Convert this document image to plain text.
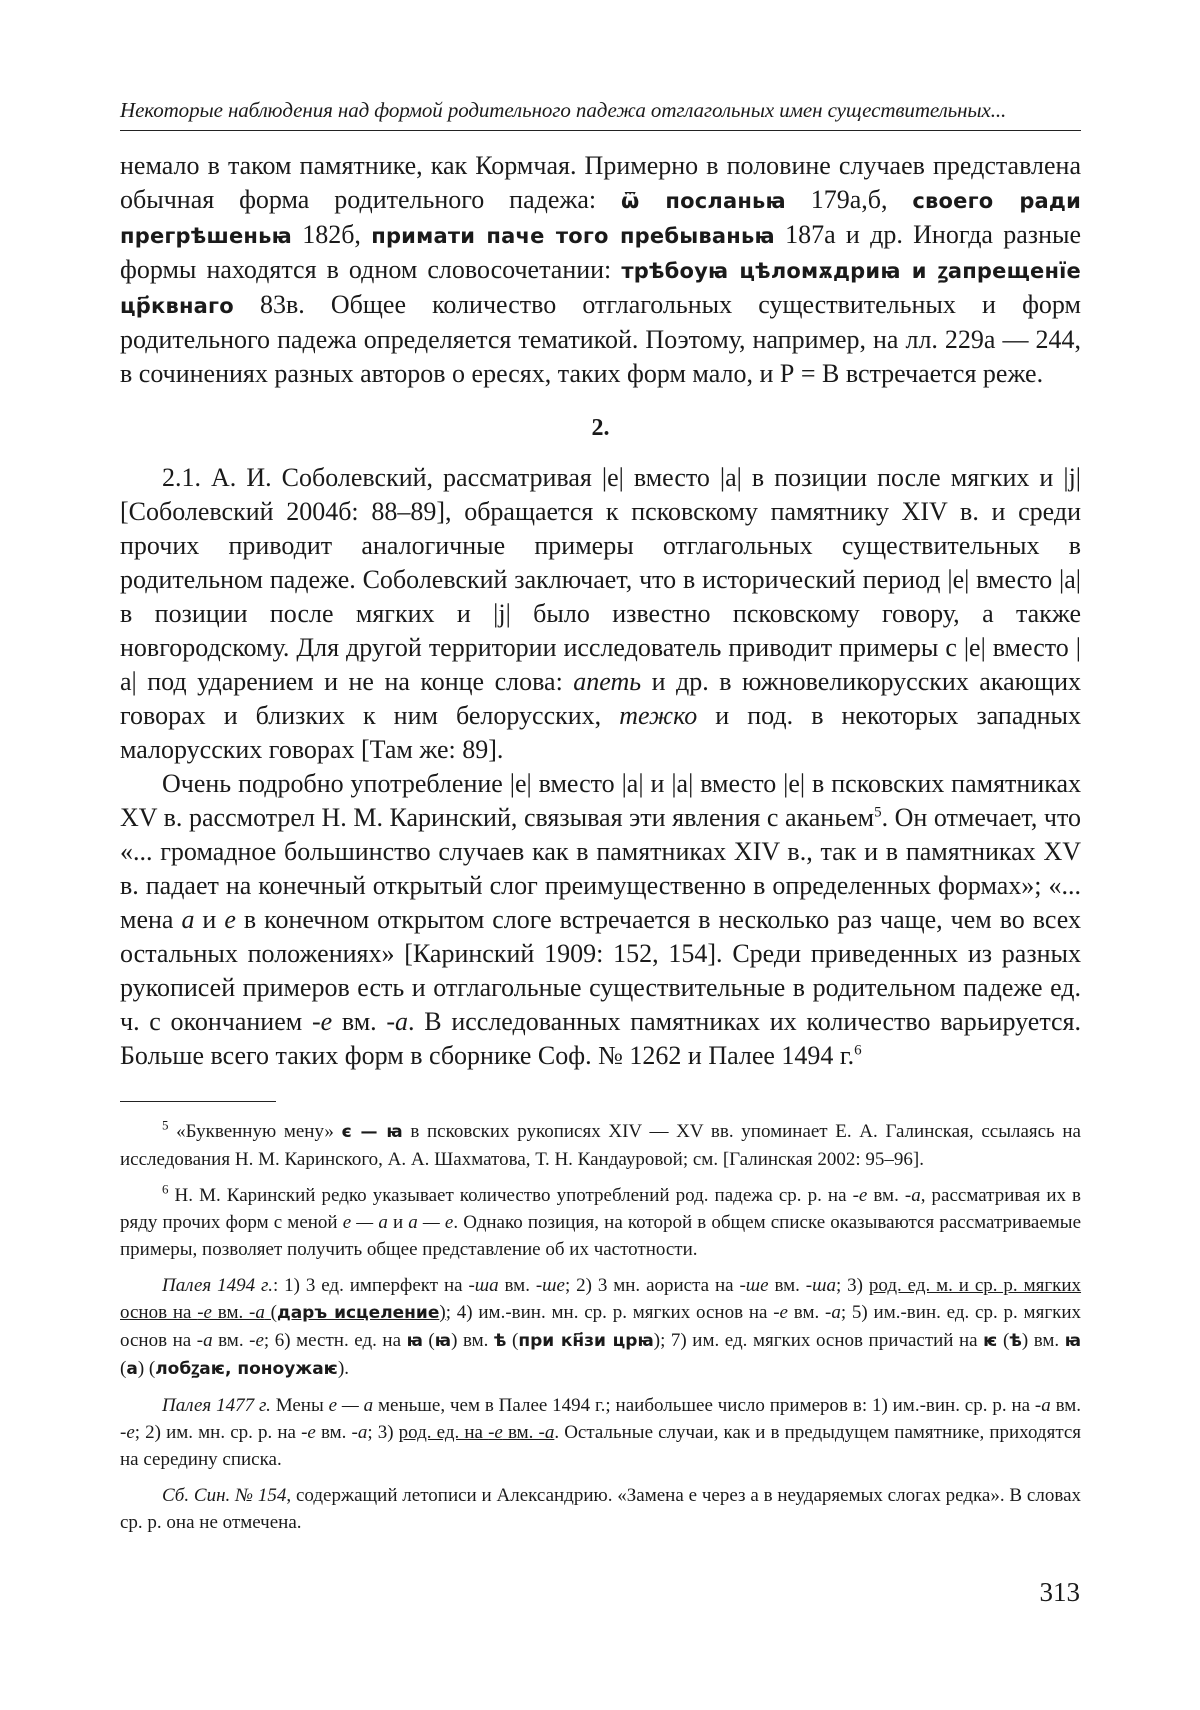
Некоторые наблюдения над формой родительного падежа отглагольных имен существительных...

немало в таком памятнике, как Кормчая. Примерно в половине случаев представлена обычная форма родительного падежа: ѿ посланьꙗ 179а,б, своего ради прегрѣшеньꙗ 182б, примати паче того пребываньꙗ 187а и др. Иногда разные формы находятся в одном словосочетании: трѣбоуꙗ цѣломѫдриꙗ и ꙁапрещенїе цр҃квнаго 83в. Общее количество отглагольных существительных и форм родительного падежа определяется тематикой. Поэтому, например, на лл. 229а — 244, в сочинениях разных авторов о ересях, таких форм мало, и Р = В встречается реже.

2.

2.1. А. И. Соболевский, рассматривая |е| вместо |а| в позиции после мягких и |j| [Соболевский 2004б: 88–89], обращается к псковскому памятнику XIV в. и среди прочих приводит аналогичные примеры отглагольных существительных в родительном падеже. Соболевский заключает, что в исторический период |е| вместо |а| в позиции после мягких и |j| было известно псковскому говору, а также новгородскому. Для другой территории исследователь приводит примеры с |е| вместо |а| под ударением и не на конце слова: апеть и др. в южновеликорусских акающих говорах и близких к ним белорусских, тежко и под. в некоторых западных малорусских говорах [Там же: 89].

Очень подробно употребление |е| вместо |а| и |а| вместо |е| в псковских памятниках XV в. рассмотрел Н. М. Каринский, связывая эти явления с аканьем$^5$. Он отмечает, что «... громадное большинство случаев как в памятниках XIV в., так и в памятниках XV в. падает на конечный открытый слог преимущественно в определенных формах»; «... мена а и е в конечном открытом слоге встречается в несколько раз чаще, чем во всех остальных положениях» [Каринский 1909: 152, 154]. Среди приведенных из разных рукописей примеров есть и отглагольные существительные в родительном падеже ед. ч. с окончанием -е вм. -а. В исследованных памятниках их количество варьируется. Больше всего таких форм в сборнике Соф. № 1262 и Палее 1494 г.$^6$

$^5$ «Буквенную мену» є — ꙗ в псковских рукописях XIV — XV вв. упоминает Е. А. Галинская, ссылаясь на исследования Н. М. Каринского, А. А. Шахматова, Т. Н. Кандауровой; см. [Галинская 2002: 95–96].

$^6$ Н. М. Каринский редко указывает количество употреблений род. падежа ср. р. на -е вм. -а, рассматривая их в ряду прочих форм с меной е — а и а — е. Однако позиция, на которой в общем списке оказываются рассматриваемые примеры, позволяет получить общее представление об их частотности.

Палея 1494 г.: 1) 3 ед. имперфект на -ша вм. -ше; 2) 3 мн. аориста на -ше вм. -ша; 3) род. ед. м. и ср. р. мягких основ на -е вм. -а (даръ исцеление); 4) им.-вин. мн. ср. р. мягких основ на -е вм. -а; 5) им.-вин. ед. ср. р. мягких основ на -а вм. -е; 6) местн. ед. на ꙗ (ꙗ) вм. ѣ (при кн҃зи црꙗ); 7) им. ед. мягких основ причастий на ѥ (ѣ) вм. ꙗ (а) (лобꙁаѥ, поноужаѥ).

Палея 1477 г. Мены е — а меньше, чем в Палее 1494 г.; наибольшее число примеров в: 1) им.-вин. ср. р. на -а вм. -е; 2) им. мн. ср. р. на -е вм. -а; 3) род. ед. на -е вм. -а. Остальные случаи, как и в предыдущем памятнике, приходятся на середину списка.

Сб. Син. № 154, содержащий летописи и Александрию. «Замена е через а в неударяемых слогах редка». В словах ср. р. она не отмечена.

313
